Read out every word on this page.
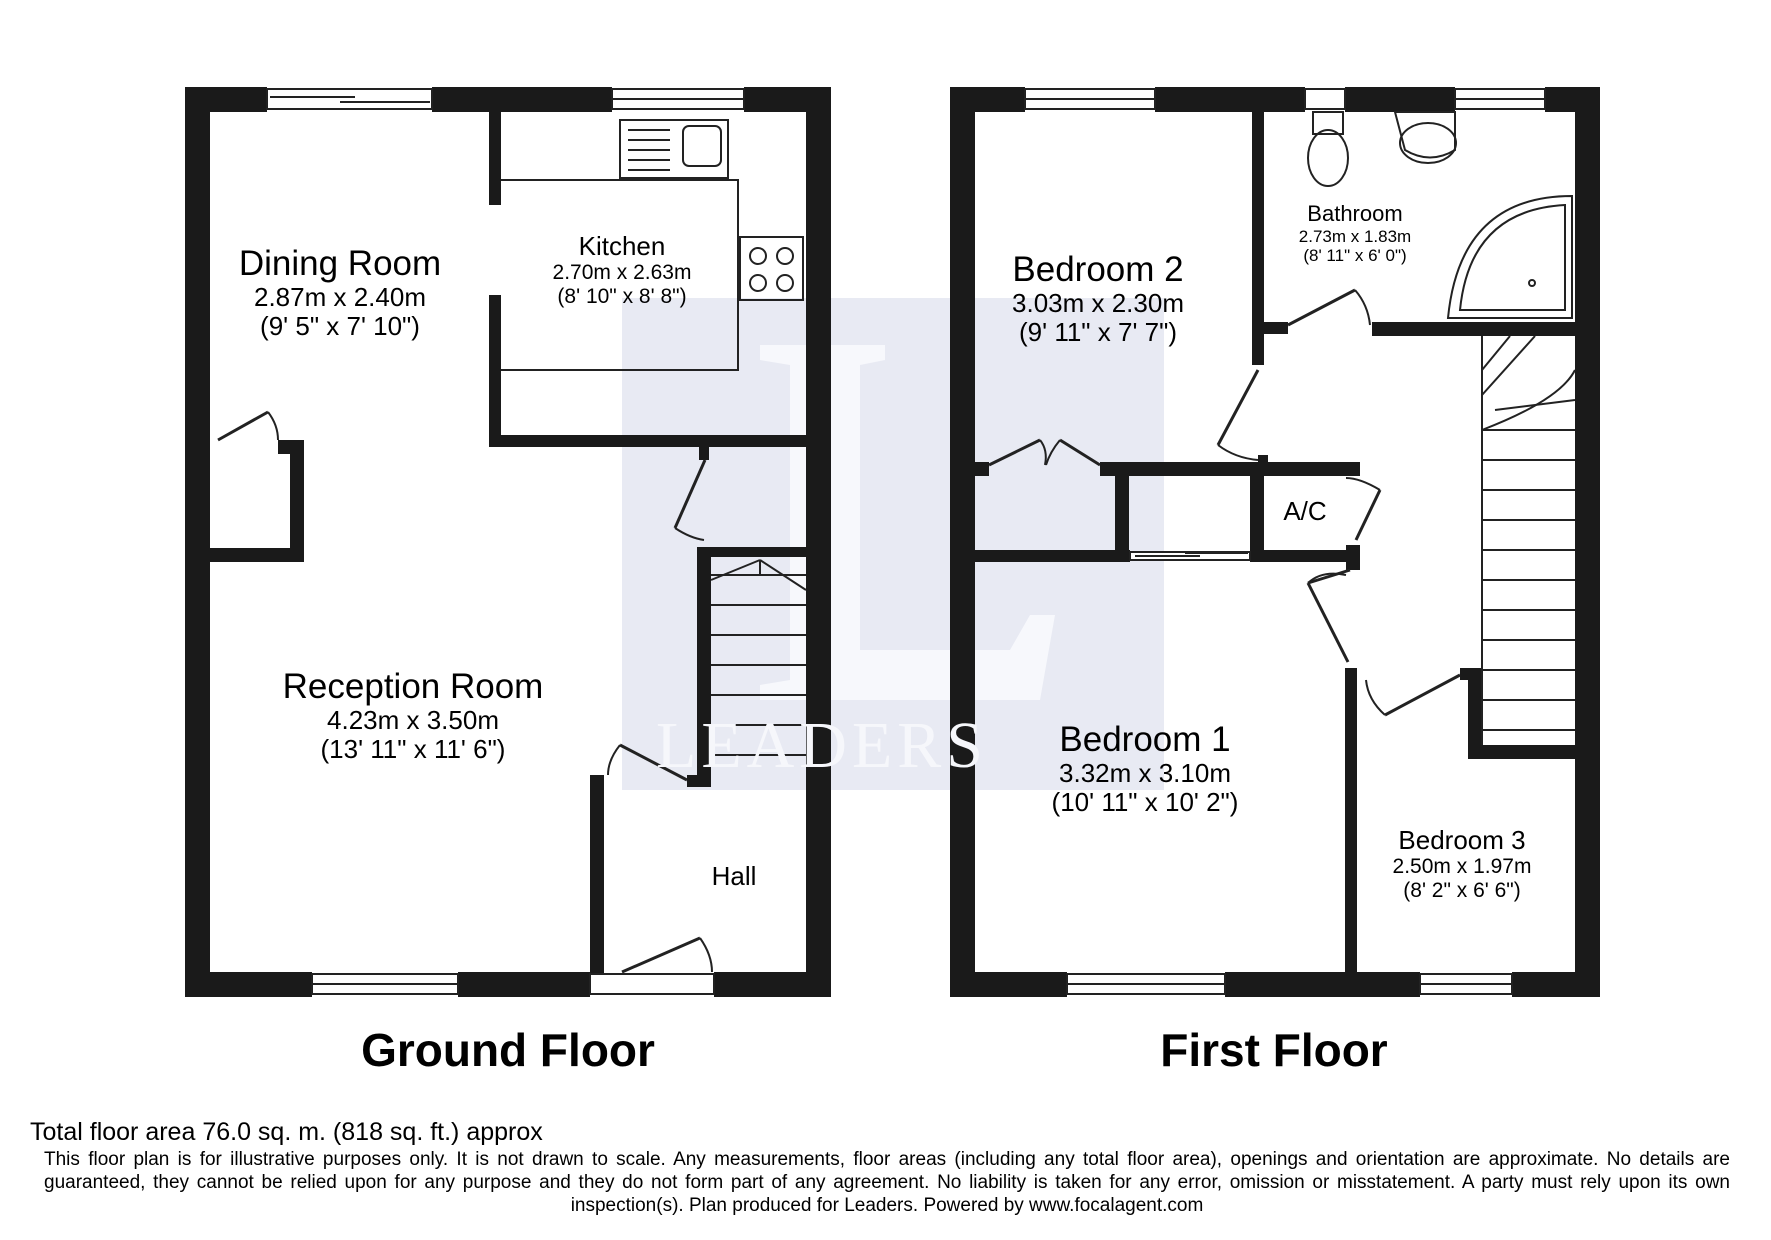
LEADERS
Dining Room
2.87m x 2.40m
(9' 5" x 7' 10")
Kitchen
2.70m x 2.63m
(8' 10" x 8' 8")
Reception Room
4.23m x 3.50m
(13' 11" x 11' 6")
Hall
Bedroom 2
3.03m x 2.30m
(9' 11" x 7' 7")
Bathroom
2.73m x 1.83m
(8' 11" x 6' 0")
A/C
Bedroom 1
3.32m x 3.10m
(10' 11" x 10' 2")
Bedroom 3
2.50m x 1.97m
(8' 2" x 6' 6")
Ground Floor	First Floor
Total floor area 76.0 sq. m. (818 sq. ft.) approx
This floor plan is for illustrative purposes only. It is not drawn to scale. Any measurements, floor areas (including any total floor area), openings and orientation are approximate. No details are guaranteed, they cannot be relied upon for any purpose and they do not form part of any agreement. No liability is taken for any error, omission or misstatement. A party must rely upon its own inspection(s). Plan produced for Leaders. Powered by www.focalagent.com
